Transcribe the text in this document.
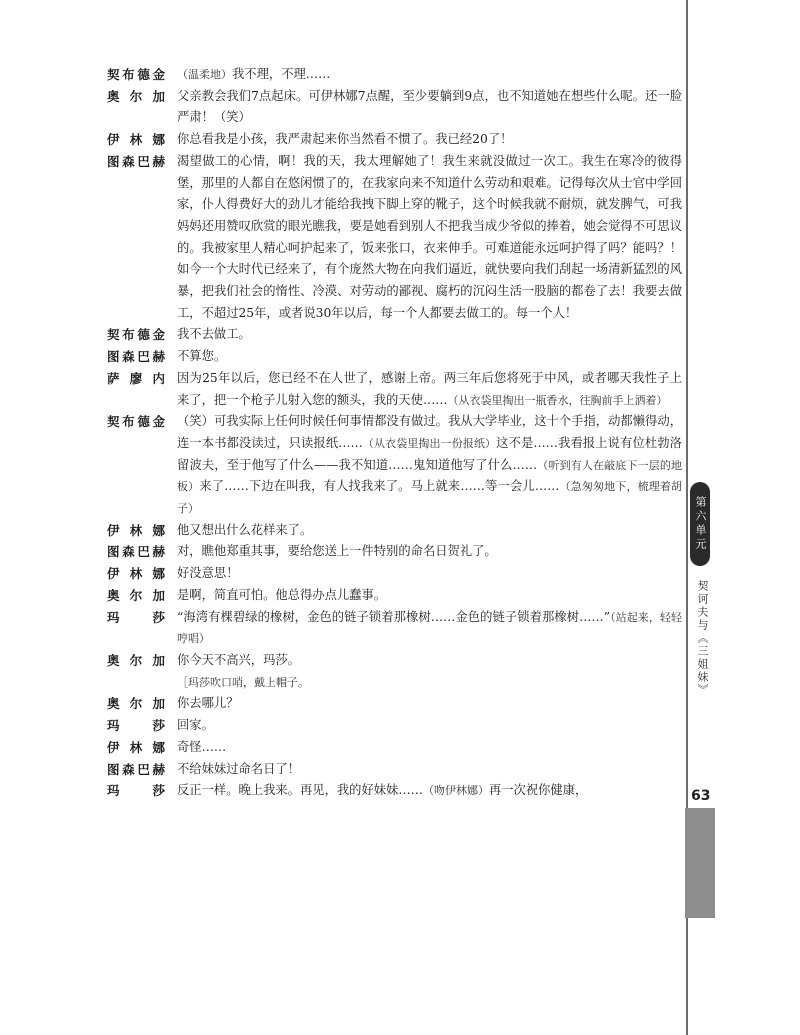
第六单元
契诃夫与《三姐妹》
63
契布德金	（温柔地）我不理，不理……
奥尔加 父亲教会我们7点起床。可伊林娜7点醒，至少要躺到9点，也不知道她在想些什么呢。还一脸严肃！（笑）
伊林娜 你总看我是小孩，我严肃起来你当然看不惯了。我已经20了！
图森巴赫 渴望做工的心情，啊！我的天，我太理解她了！我生来就没做过一次工。我生在寒冷的彼得堡，那里的人都自在悠闲惯了的，在我家向来不知道什么劳动和艰难。记得每次从士官中学回家，仆人得费好大的劲儿才能给我拽下脚上穿的靴子，这个时候我就不耐烦，就发脾气，可我妈妈还用赞叹欣赏的眼光瞧我，要是她看到别人不把我当成少爷似的捧着，她会觉得不可思议的。我被家里人精心呵护起来了，饭来张口，衣来伸手。可难道能永远呵护得了吗？能吗？！如今一个大时代已经来了，有个庞然大物在向我们逼近，就快要向我们刮起一场清新猛烈的风暴，把我们社会的惰性、冷漠、对劳动的鄙视、腐朽的沉闷生活一股脑的都卷了去！我要去做工，不超过25年，或者说30年以后，每一个人都要去做工的。每一个人！
契布德金 我不去做工。
图森巴赫 不算您。
萨廖内 因为25年以后，您已经不在人世了，感谢上帝。两三年后您将死于中风，或者哪天我性子上来了，把一个枪子儿射入您的额头，我的天使……（从衣袋里掏出一瓶香水，往胸前手上洒着）
契布德金 （笑）可我实际上任何时候任何事情都没有做过。我从大学毕业，这十个手指，动都懒得动，连一本书都没读过，只读报纸……（从衣袋里掏出一份报纸）这不是……我看报上说有位杜勃洛留波夫，至于他写了什么——我不知道……鬼知道他写了什么……（听到有人在敲底下一层的地板）来了……下边在叫我，有人找我来了。马上就来……等一会儿……（急匆匆地下，梳理着胡子）
伊林娜 他又想出什么花样来了。
图森巴赫 对，瞧他郑重其事，要给您送上一件特别的命名日贺礼了。
伊林娜 好没意思！
奥尔加 是啊，简直可怕。他总得办点儿蠢事。
玛莎 “海湾有棵碧绿的橡树，金色的链子锁着那橡树……金色的链子锁着那橡树……”（站起来，轻轻哼唱）
奥尔加 你今天不高兴，玛莎。
［玛莎吹口哨，戴上帽子。
奥尔加 你去哪儿？
玛莎 回家。
伊林娜 奇怪……
图森巴赫 不给妹妹过命名日了！
玛莎 反正一样。晚上我来。再见，我的好妹妹……（吻伊林娜）再一次祝你健康，
